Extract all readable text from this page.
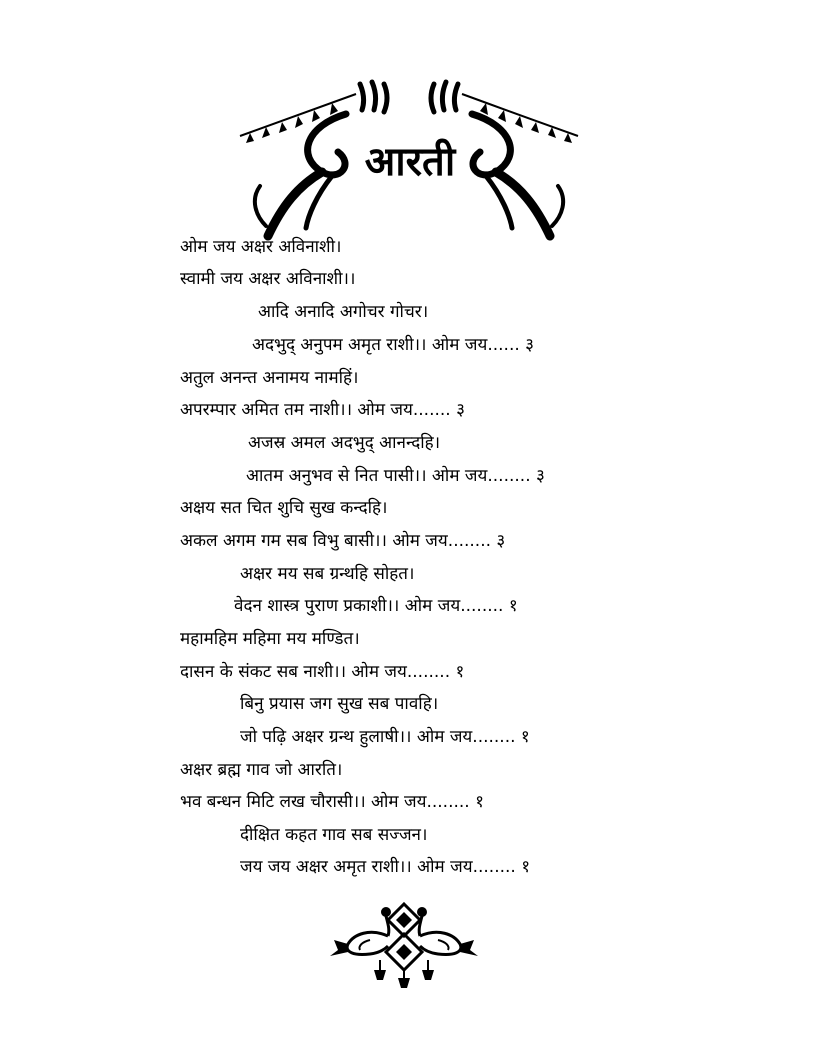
आरती
ओम जय अक्षर अविनाशी।
स्वामी जय अक्षर अविनाशी।।
आदि अनादि अगोचर गोचर।
अदभुद् अनुपम अमृत राशी।। ओम जय...... ३
अतुल अनन्त अनामय नामहिं।
अपरम्पार अमित तम नाशी।। ओम जय....... ३
अजस्र अमल अदभुद् आनन्दहि।
आतम अनुभव से नित पासी।। ओम जय........ ३
अक्षय सत चित शुचि सुख कन्दहि।
अकल अगम गम सब विभु बासी।। ओम जय........ ३
अक्षर मय सब ग्रन्थहि सोहत।
वेदन शास्त्र पुराण प्रकाशी।। ओम जय........ १
महामहिम महिमा मय मण्डित।
दासन के संकट सब नाशी।। ओम जय........ १
बिनु प्रयास जग सुख सब पावहि।
जो पढ़ि अक्षर ग्रन्थ हुलाषी।। ओम जय........ १
अक्षर ब्रह्म गाव जो आरति।
भव बन्धन मिटि लख चौरासी।। ओम जय........ १
दीक्षित कहत गाव सब सज्जन।
जय जय अक्षर अमृत राशी।। ओम जय........ १
